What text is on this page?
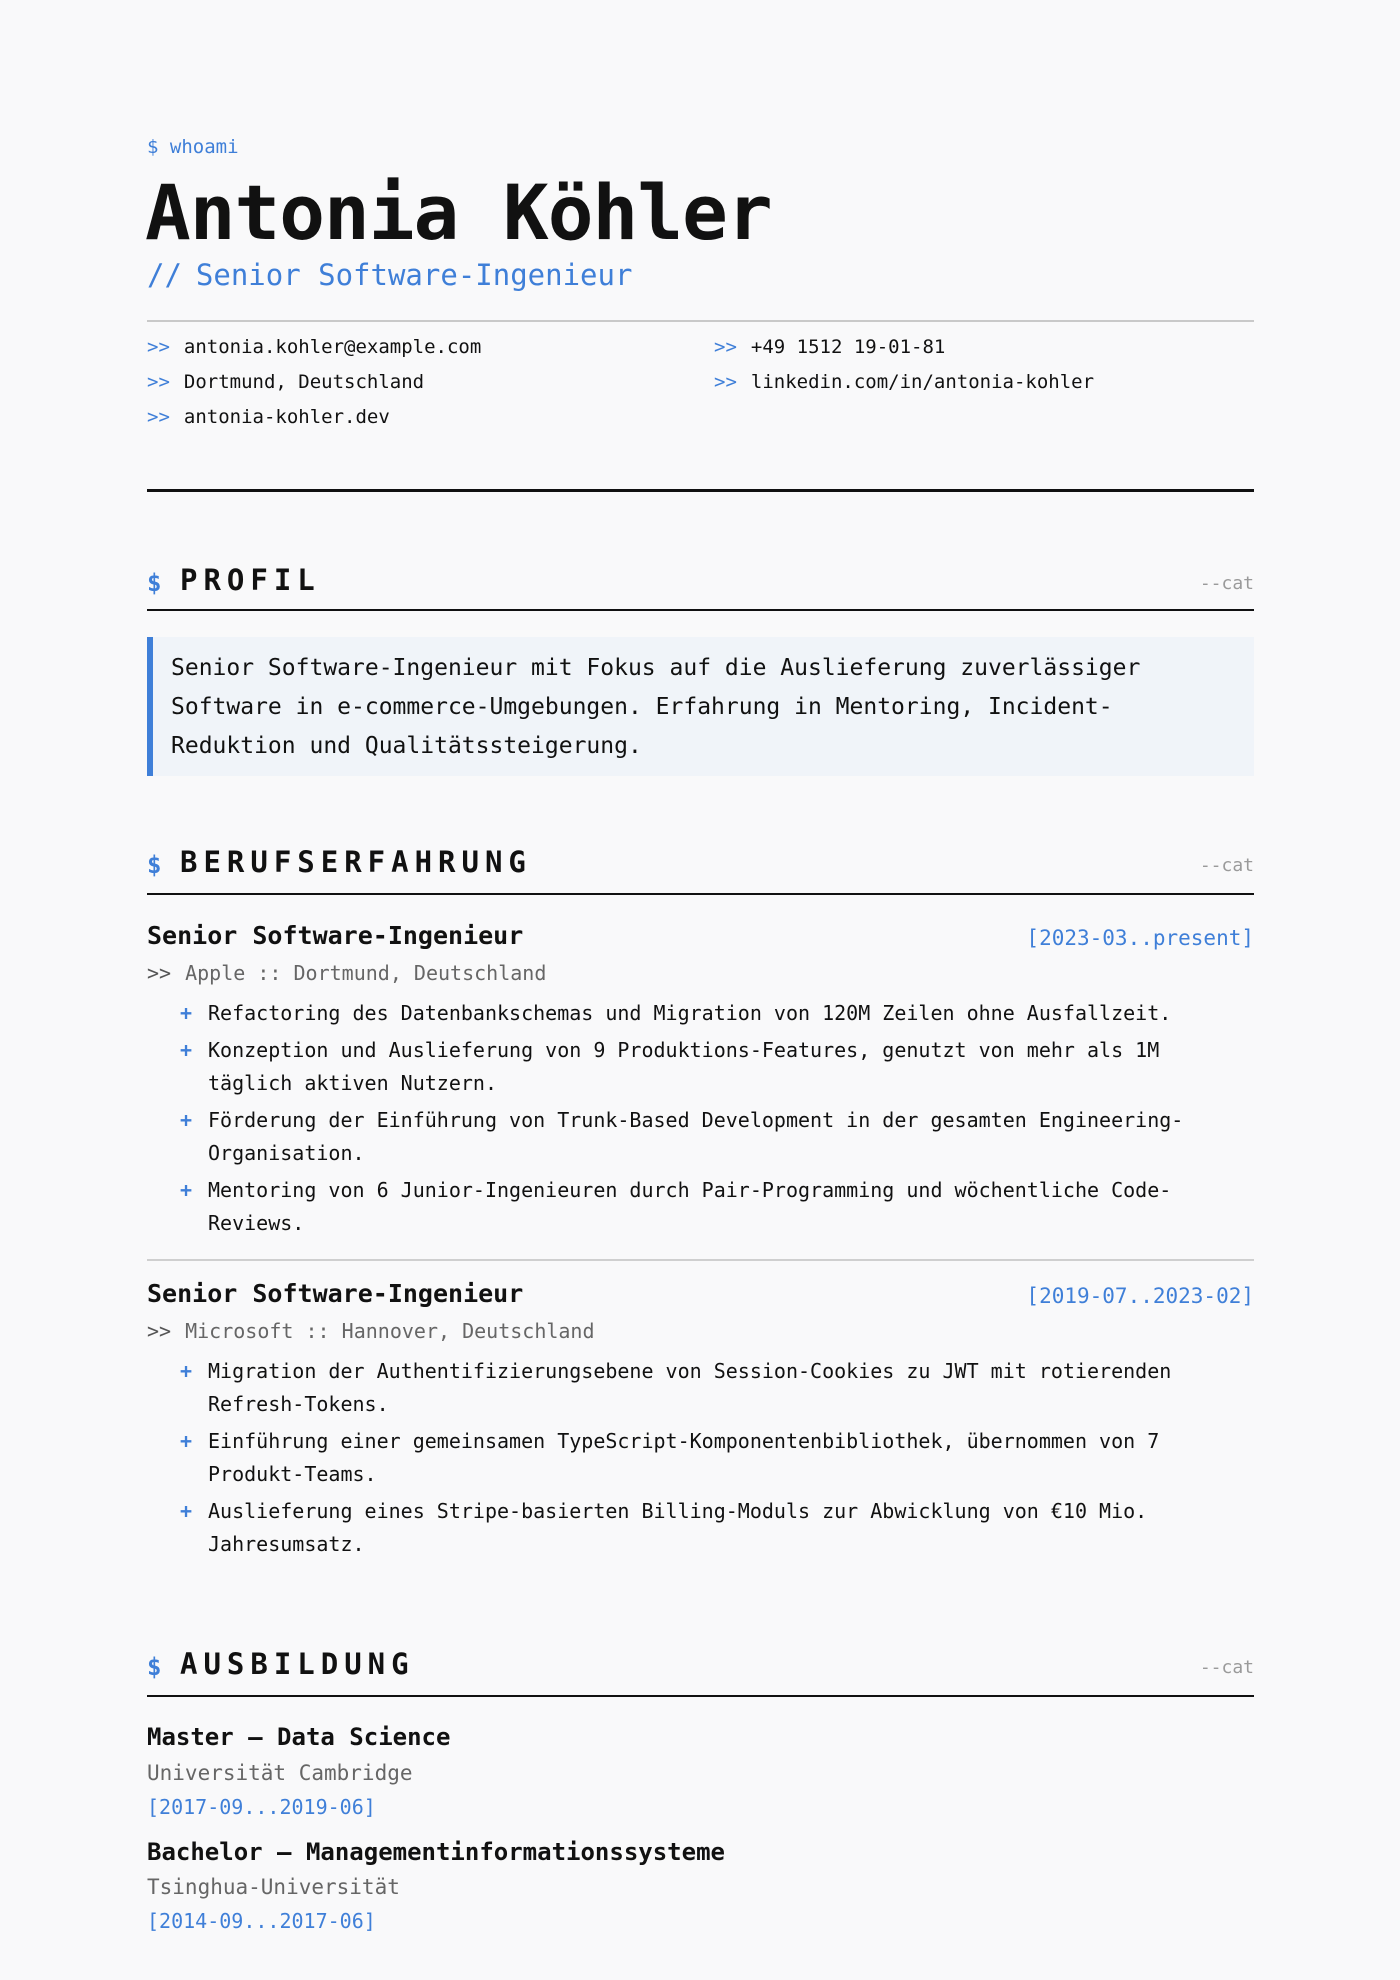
$ whoami
Antonia Köhler
// Senior Software-Ingenieur
>> antonia.kohler@example.com	>> +49 1512 19-01-81
>> Dortmund, Deutschland	>> linkedin.com/in/antonia-kohler
>> antonia-kohler.dev
$ PROFIL	--cat
Senior Software-Ingenieur mit Fokus auf die Auslieferung zuverlässiger Software in e-commerce-Umgebungen. Erfahrung in Mentoring, Incident-Reduktion und Qualitätssteigerung.
$ BERUFSERFAHRUNG	--cat
Senior Software-Ingenieur	[2023-03..present]
>> Apple :: Dortmund, Deutschland
+ Refactoring des Datenbankschemas und Migration von 120M Zeilen ohne Ausfallzeit.
+ Konzeption und Auslieferung von 9 Produktions-Features, genutzt von mehr als 1M täglich aktiven Nutzern.
+ Förderung der Einführung von Trunk-Based Development in der gesamten Engineering-Organisation.
+ Mentoring von 6 Junior-Ingenieuren durch Pair-Programming und wöchentliche Code-Reviews.
Senior Software-Ingenieur	[2019-07..2023-02]
>> Microsoft :: Hannover, Deutschland
+ Migration der Authentifizierungsebene von Session-Cookies zu JWT mit rotierenden Refresh-Tokens.
+ Einführung einer gemeinsamen TypeScript-Komponentenbibliothek, übernommen von 7 Produkt-Teams.
+ Auslieferung eines Stripe-basierten Billing-Moduls zur Abwicklung von €10 Mio. Jahresumsatz.
$ AUSBILDUNG	--cat
Master — Data Science
Universität Cambridge
[2017-09...2019-06]
Bachelor — Managementinformationssysteme
Tsinghua-Universität
[2014-09...2017-06]
